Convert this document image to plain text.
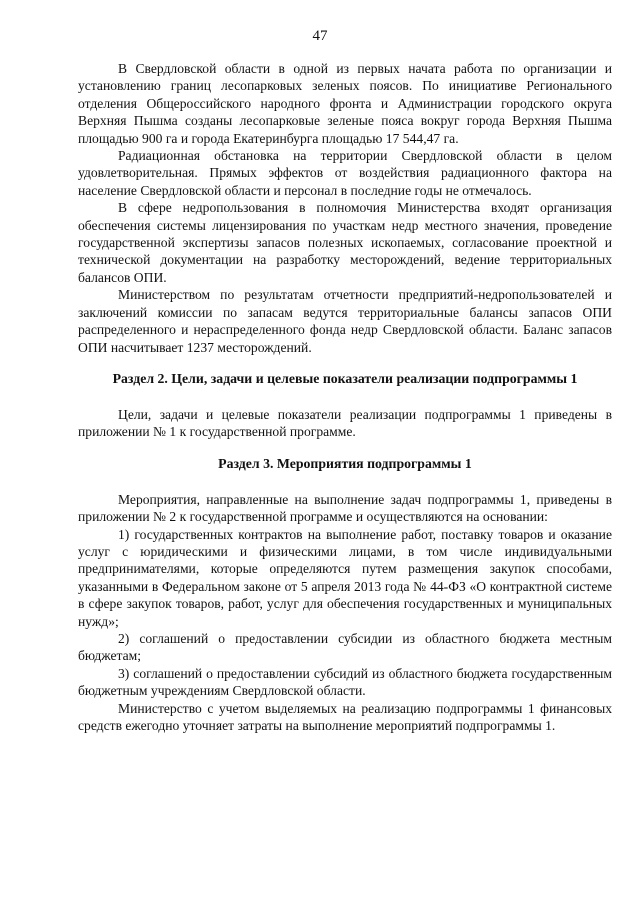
47

В Свердловской области в одной из первых начата работа по организации и установлению границ лесопарковых зеленых поясов. По инициативе Регионального отделения Общероссийского народного фронта и Администрации городского округа Верхняя Пышма созданы лесопарковые зеленые пояса вокруг города Верхняя Пышма площадью 900 га и города Екатеринбурга площадью 17 544,47 га.

Радиационная обстановка на территории Свердловской области в целом удовлетворительная. Прямых эффектов от воздействия радиационного фактора на население Свердловской области и персонал в последние годы не отмечалось.

В сфере недропользования в полномочия Министерства входят организация обеспечения системы лицензирования по участкам недр местного значения, проведение государственной экспертизы запасов полезных ископаемых, согласование проектной и технической документации на разработку месторождений, ведение территориальных балансов ОПИ.

Министерством по результатам отчетности предприятий-недропользователей и заключений комиссии по запасам ведутся территориальные балансы запасов ОПИ распределенного и нераспределенного фонда недр Свердловской области. Баланс запасов ОПИ насчитывает 1237 месторождений.

Раздел 2. Цели, задачи и целевые показатели реализации подпрограммы 1

Цели, задачи и целевые показатели реализации подпрограммы 1 приведены в приложении № 1 к государственной программе.

Раздел 3. Мероприятия подпрограммы 1

Мероприятия, направленные на выполнение задач подпрограммы 1, приведены в приложении № 2 к государственной программе и осуществляются на основании:

1) государственных контрактов на выполнение работ, поставку товаров и оказание услуг с юридическими и физическими лицами, в том числе индивидуальными предпринимателями, которые определяются путем размещения закупок способами, указанными в Федеральном законе от 5 апреля 2013 года № 44-ФЗ «О контрактной системе в сфере закупок товаров, работ, услуг для обеспечения государственных и муниципальных нужд»;

2) соглашений о предоставлении субсидии из областного бюджета местным бюджетам;

3) соглашений о предоставлении субсидий из областного бюджета государственным бюджетным учреждениям Свердловской области.

Министерство с учетом выделяемых на реализацию подпрограммы 1 финансовых средств ежегодно уточняет затраты на выполнение мероприятий подпрограммы 1.
